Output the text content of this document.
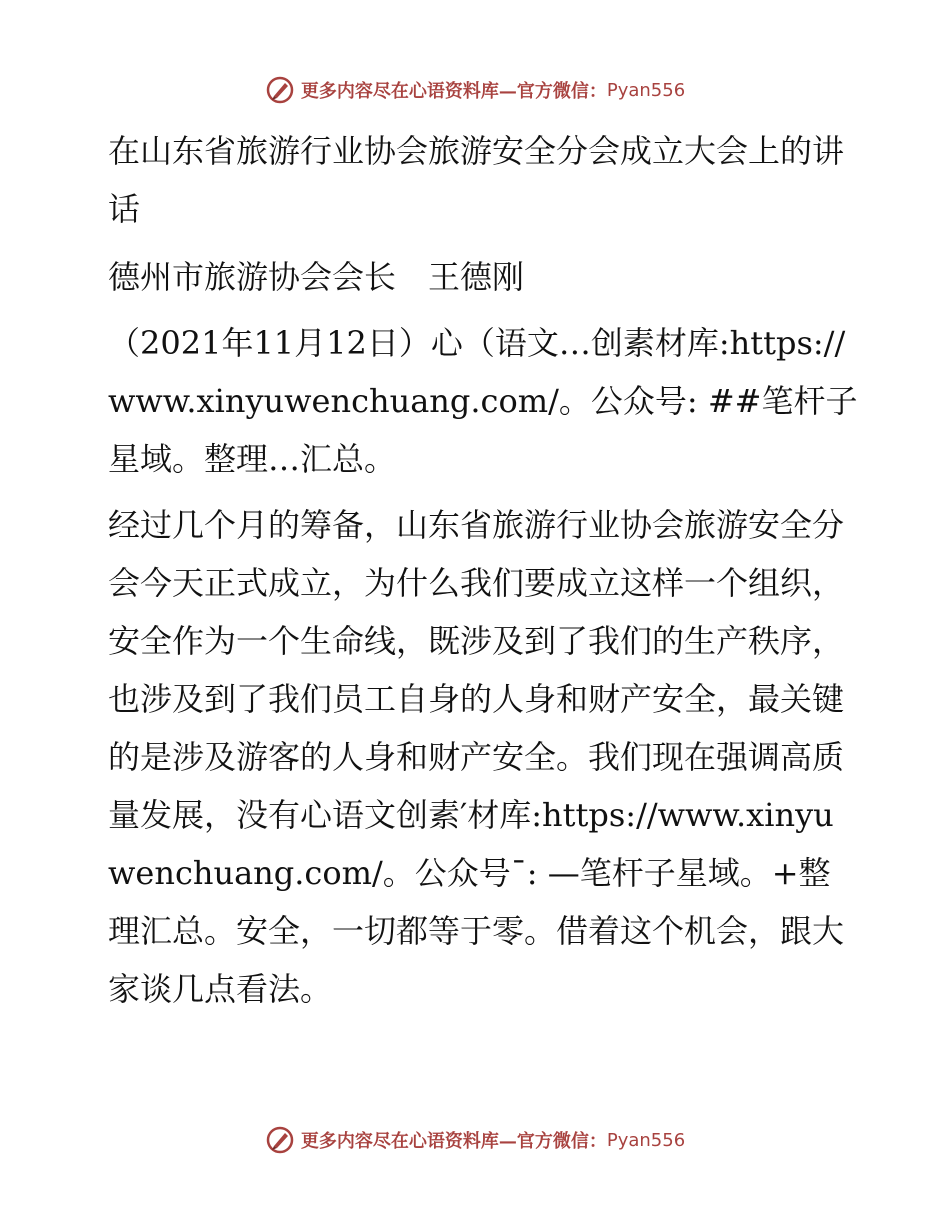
更多内容尽在心语资料库—官方微信： Pyan556

在山东省旅游行业协会旅游安全分会成立大会上的讲话

德州市旅游协会会长　王德刚

（2021年11月12日）心（语文…创素材库:https://www.xinyuwenchuang.com/。公众号: ##笔杆子星域。整理…汇总。

经过几个月的筹备，山东省旅游行业协会旅游安全分会今天正式成立，为什么我们要成立这样一个组织，安全作为一个生命线，既涉及到了我们的生产秩序，也涉及到了我们员工自身的人身和财产安全，最关键的是涉及游客的人身和财产安全。我们现在强调高质量发展，没有心语文创素′材库:https://www.xinyuwenchuang.com/。公众号¯: —笔杆子星域。+整理汇总。安全，一切都等于零。借着这个机会，跟大家谈几点看法。

更多内容尽在心语资料库—官方微信： Pyan556
